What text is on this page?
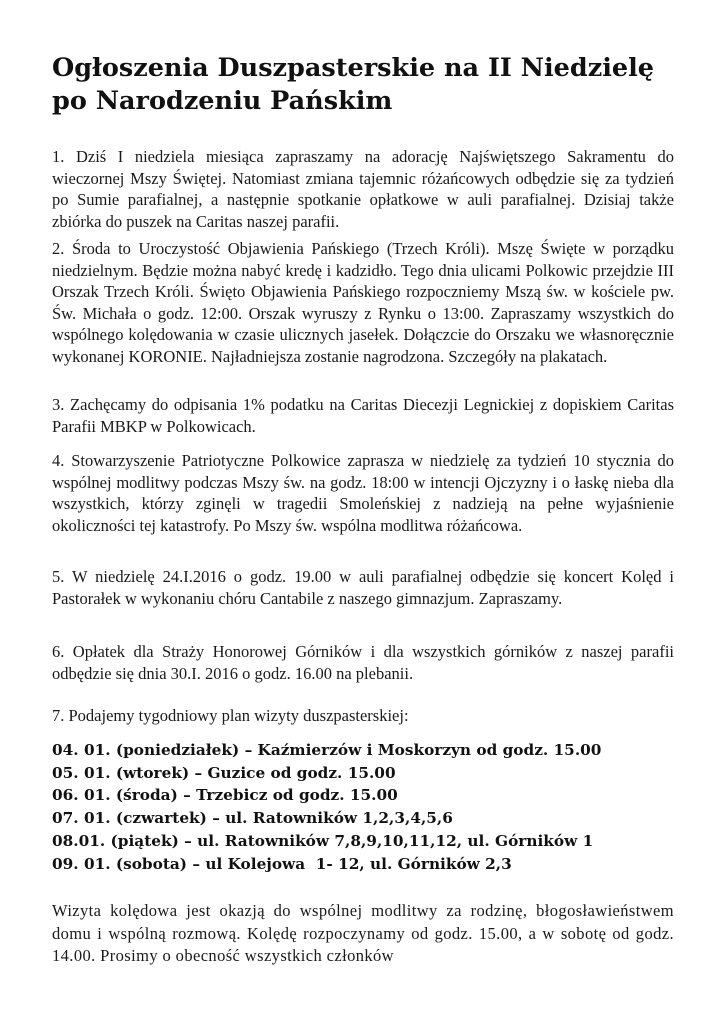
Ogłoszenia Duszpasterskie na II Niedzielę po Narodzeniu Pańskim

1. Dziś I niedziela miesiąca zapraszamy na adorację Najświętszego Sakramentu do wieczornej Mszy Świętej. Natomiast zmiana tajemnic różańcowych odbędzie się za tydzień po Sumie parafialnej, a następnie spotkanie opłatkowe w auli parafialnej. Dzisiaj także zbiórka do puszek na Caritas naszej parafii.

2. Środa to Uroczystość Objawienia Pańskiego (Trzech Króli). Mszę Święte w porządku niedzielnym. Będzie można nabyć kredę i kadzidło. Tego dnia ulicami Polkowic przejdzie III Orszak Trzech Króli. Święto Objawienia Pańskiego rozpoczniemy Mszą św. w kościele pw. Św. Michała o godz. 12:00. Orszak wyruszy z Rynku o 13:00. Zapraszamy wszystkich do wspólnego kolędowania w czasie ulicznych jasełek. Dołączcie do Orszaku we własnoręcznie wykonanej KORONIE. Najładniejsza zostanie nagrodzona. Szczegóły na plakatach.

3. Zachęcamy do odpisania 1% podatku na Caritas Diecezji Legnickiej z dopiskiem Caritas Parafii MBKP w Polkowicach.

4. Stowarzyszenie Patriotyczne Polkowice zaprasza w niedzielę za tydzień 10 stycznia do wspólnej modlitwy podczas Mszy św. na godz. 18:00 w intencji Ojczyzny i o łaskę nieba dla wszystkich, którzy zginęli w tragedii Smoleńskiej z nadzieją na pełne wyjaśnienie okoliczności tej katastrofy. Po Mszy św. wspólna modlitwa różańcowa.

5. W niedzielę 24.I.2016 o godz. 19.00 w auli parafialnej odbędzie się koncert Kolęd i Pastorałek w wykonaniu chóru Cantabile z naszego gimnazjum. Zapraszamy.

6. Opłatek dla Straży Honorowej Górników i dla wszystkich górników z naszej parafii odbędzie się dnia 30.I. 2016 o godz. 16.00 na plebanii.

7. Podajemy tygodniowy plan wizyty duszpasterskiej:

04. 01. (poniedziałek) – Kaźmierzów i Moskorzyn od godz. 15.00
05. 01. (wtorek) – Guzice od godz. 15.00
06. 01. (środa) – Trzebicz od godz. 15.00
07. 01. (czwartek) – ul. Ratowników 1,2,3,4,5,6
08.01. (piątek) – ul. Ratowników 7,8,9,10,11,12, ul. Górników 1
09. 01. (sobota) – ul Kolejowa  1- 12, ul. Górników 2,3

Wizyta kolędowa jest okazją do wspólnej modlitwy za rodzinę, błogosławieństwem domu i wspólną rozmową. Kolędę rozpoczynamy od godz. 15.00, a w sobotę od godz. 14.00. Prosimy o obecność wszystkich członków
